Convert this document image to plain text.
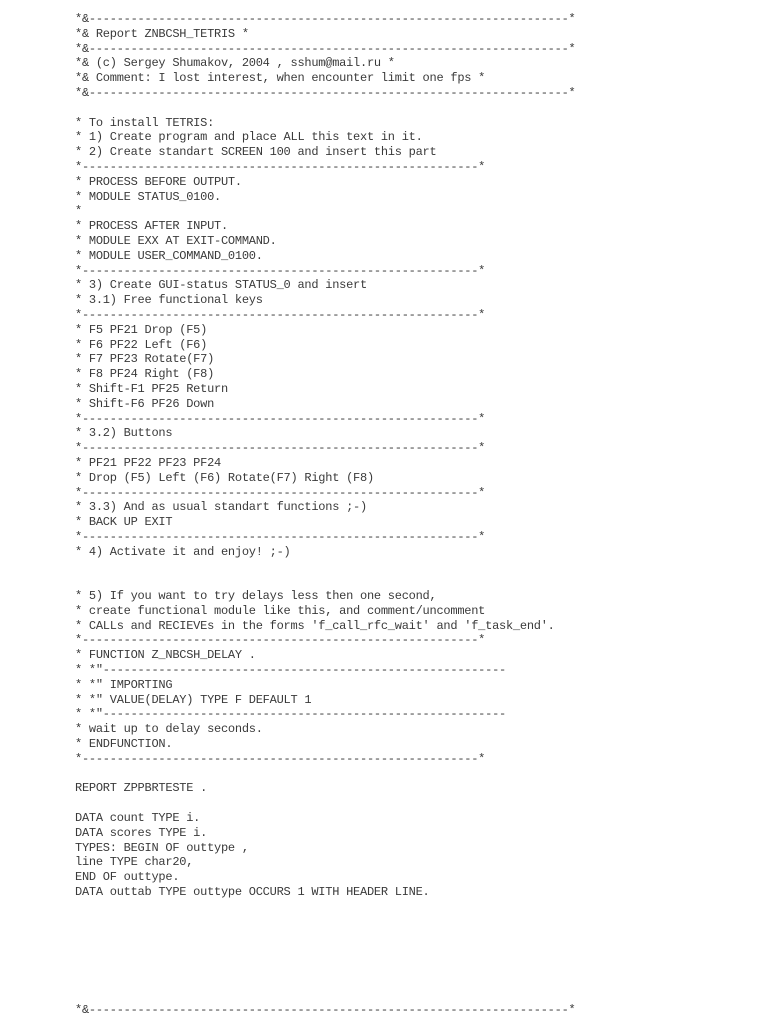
*&---------------------------------------------------------------------*
*& Report ZNBCSH_TETRIS *
*&---------------------------------------------------------------------*
*& (c) Sergey Shumakov, 2004 , sshum@mail.ru *
*& Comment: I lost interest, when encounter limit one fps *
*&---------------------------------------------------------------------*
* To install TETRIS:
* 1) Create program and place ALL this text in it.
* 2) Create standart SCREEN 100 and insert this part
*---------------------------------------------------------*
* PROCESS BEFORE OUTPUT.
* MODULE STATUS_0100.
*
* PROCESS AFTER INPUT.
* MODULE EXX AT EXIT-COMMAND.
* MODULE USER_COMMAND_0100.
*---------------------------------------------------------*
* 3) Create GUI-status STATUS_0 and insert
* 3.1) Free functional keys
*---------------------------------------------------------*
* F5 PF21 Drop (F5)
* F6 PF22 Left (F6)
* F7 PF23 Rotate(F7)
* F8 PF24 Right (F8)
* Shift-F1 PF25 Return
* Shift-F6 PF26 Down
*---------------------------------------------------------*
* 3.2) Buttons
*---------------------------------------------------------*
* PF21 PF22 PF23 PF24
* Drop (F5) Left (F6) Rotate(F7) Right (F8)
*---------------------------------------------------------*
* 3.3) And as usual standart functions ;-)
* BACK UP EXIT
*---------------------------------------------------------*
* 4) Activate it and enjoy! ;-)
* 5) If you want to try delays less then one second,
* create functional module like this, and comment/uncomment
* CALLs and RECIEVEs in the forms 'f_call_rfc_wait' and 'f_task_end'.
*---------------------------------------------------------*
* FUNCTION Z_NBCSH_DELAY .
* *"----------------------------------------------------------
* *" IMPORTING
* *" VALUE(DELAY) TYPE F DEFAULT 1
* *"----------------------------------------------------------
* wait up to delay seconds.
* ENDFUNCTION.
*---------------------------------------------------------*
REPORT ZPPBRTESTE .
DATA count TYPE i.
DATA scores TYPE i.
TYPES: BEGIN OF outtype ,
line TYPE char20,
END OF outtype.
DATA outtab TYPE outtype OCCURS 1 WITH HEADER LINE.
*&---------------------------------------------------------------------*
